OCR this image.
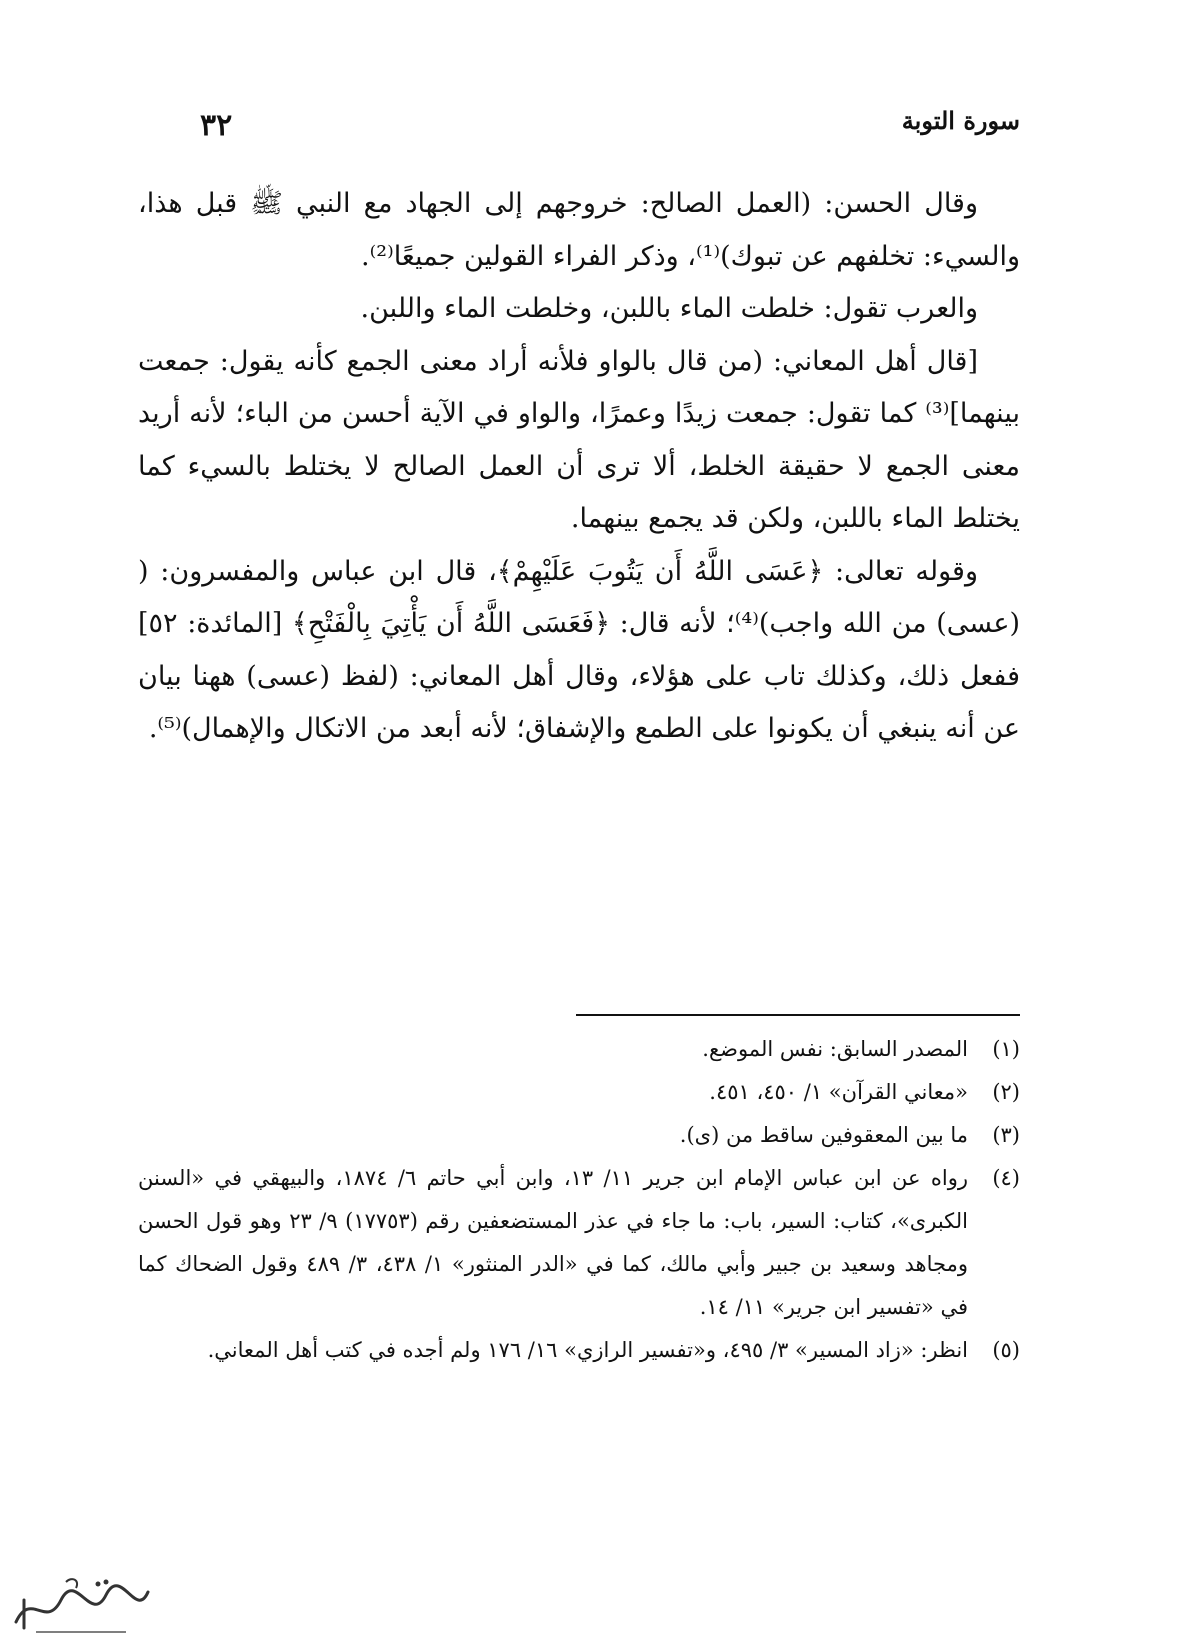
سورة التوبة
٣٢

وقال الحسن: (العمل الصالح: خروجهم إلى الجهاد مع النبي ﷺ قبل هذا، والسيء: تخلفهم عن تبوك)⁽¹⁾، وذكر الفراء القولين جميعًا⁽²⁾.

والعرب تقول: خلطت الماء باللبن، وخلطت الماء واللبن.

[قال أهل المعاني: (من قال بالواو فلأنه أراد معنى الجمع كأنه يقول: جمعت بينهما]⁽³⁾ كما تقول: جمعت زيدًا وعمرًا، والواو في الآية أحسن من الباء؛ لأنه أريد معنى الجمع لا حقيقة الخلط، ألا ترى أن العمل الصالح لا يختلط بالسيء كما يختلط الماء باللبن، ولكن قد يجمع بينهما.

وقوله تعالى: ﴿عَسَى اللَّهُ أَن يَتُوبَ عَلَيْهِمْ﴾، قال ابن عباس والمفسرون: ( (عسى) من الله واجب)⁽⁴⁾؛ لأنه قال: ﴿فَعَسَى اللَّهُ أَن يَأْتِيَ بِالْفَتْحِ﴾ [المائدة: ٥٢] ففعل ذلك، وكذلك تاب على هؤلاء، وقال أهل المعاني: (لفظ (عسى) ههنا بيان عن أنه ينبغي أن يكونوا على الطمع والإشفاق؛ لأنه أبعد من الاتكال والإهمال)⁽⁵⁾.

(١)
المصدر السابق: نفس الموضع.
(٢)
«معاني القرآن» ١/ ٤٥٠، ٤٥١.
(٣)
ما بين المعقوفين ساقط من (ى).
(٤)
رواه عن ابن عباس الإمام ابن جرير ١١/ ١٣، وابن أبي حاتم ٦/ ١٨٧٤، والبيهقي في «السنن الكبرى»، كتاب: السير، باب: ما جاء في عذر المستضعفين رقم (١٧٧٥٣) ٩/ ٢٣ وهو قول الحسن ومجاهد وسعيد بن جبير وأبي مالك، كما في «الدر المنثور» ١/ ٤٣٨، ٣/ ٤٨٩ وقول الضحاك كما في «تفسير ابن جرير» ١١/ ١٤.
(٥)
انظر: «زاد المسير» ٣/ ٤٩٥، و«تفسير الرازي» ١٦/ ١٧٦ ولم أجده في كتب أهل المعاني.
